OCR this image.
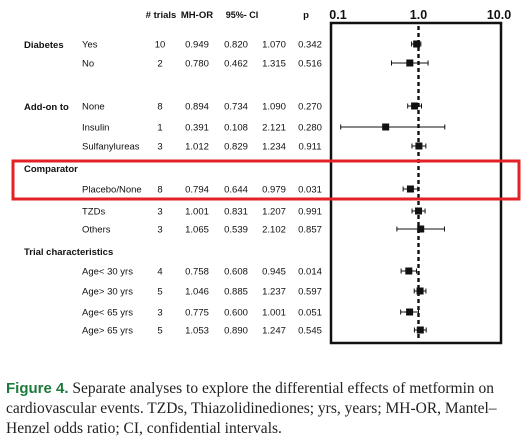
# trials MH-OR 95%- CI	p 0.1	1.0	10.0
Diabetes Yes	10 0.949 0.820 1.070 0.342
No	2 0.780 0.462 1.315 0.516
Add-on to None	8 0.894 0.734 1.090 0.270
Insulin	1 0.391 0.108 2.121 0.280
Sulfanylureas 3 1.012 0.829 1.234 0.911
Comparator
Placebo/None 8 0.794 0.644 0.979 0.031
TZDs	3 1.001 0.831 1.207 0.991
Others	3 1.065 0.539 2.102 0.857
Trial characteristics
Age< 30 yrs	4 0.758 0.608 0.945 0.014
Age> 30 yrs	5 1.046 0.885 1.237 0.597
Age< 65 yrs	3 0.775 0.600 1.001 0.051
Age> 65 yrs	5 1.053 0.890 1.247 0.545
Figure 4. Separate analyses to explore the differential effects of metformin on cardiovascular events. TZDs, Thiazolidinediones; yrs, years; MH-OR, Mantel–Henzel odds ratio; CI, confidential intervals.
